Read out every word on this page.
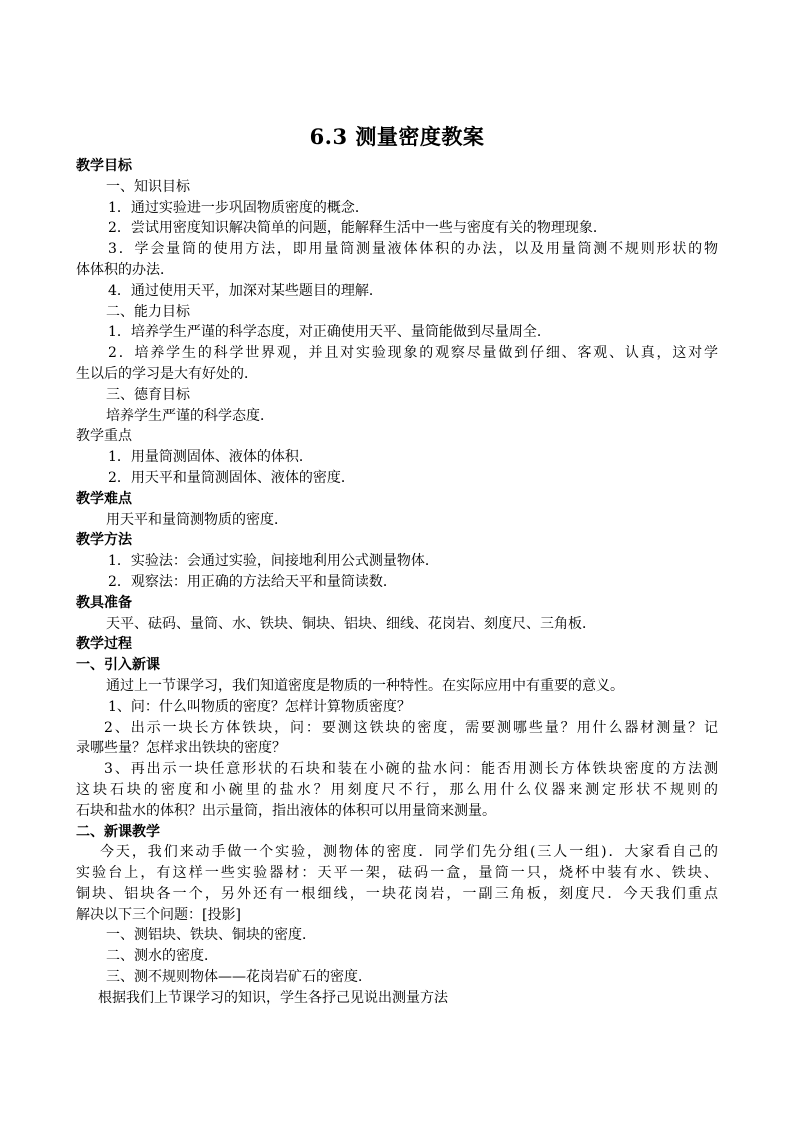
6.3 测量密度教案
教学目标
一、知识目标
1．通过实验进一步巩固物质密度的概念．
2．尝试用密度知识解决简单的问题，能解释生活中一些与密度有关的物理现象．
3．学会量筒的使用方法，即用量筒测量液体体积的办法，以及用量筒测不规则形状的物
体体积的办法．
4．通过使用天平，加深对某些题目的理解．
二、能力目标
1．培养学生严谨的科学态度，对正确使用天平、量筒能做到尽量周全．
2．培养学生的科学世界观，并且对实验现象的观察尽量做到仔细、客观、认真，这对学
生以后的学习是大有好处的．
三、德育目标
培养学生严谨的科学态度．
教学重点
1．用量筒测固体、液体的体积．
2．用天平和量筒测固体、液体的密度．
教学难点
用天平和量筒测物质的密度．
教学方法
1．实验法：会通过实验，间接地利用公式测量物体．
2．观察法：用正确的方法给天平和量筒读数．
教具准备
天平、砝码、量筒、水、铁块、铜块、铝块、细线、花岗岩、刻度尺、三角板．
教学过程
一、引入新课
通过上一节课学习，我们知道密度是物质的一种特性。在实际应用中有重要的意义。
1、问：什么叫物质的密度？怎样计算物质密度？
2、出示一块长方体铁块，问：要测这铁块的密度，需要测哪些量？用什么器材测量？记
录哪些量？怎样求出铁块的密度？
3、再出示一块任意形状的石块和装在小碗的盐水问：能否用测长方体铁块密度的方法测
这块石块的密度和小碗里的盐水？用刻度尺不行，那么用什么仪器来测定形状不规则的
石块和盐水的体积？出示量筒，指出液体的体积可以用量筒来测量。
二、新课教学
今天，我们来动手做一个实验，测物体的密度．同学们先分组(三人一组)．大家看自己的
实验台上，有这样一些实验器材：天平一架，砝码一盒，量筒一只，烧杯中装有水、铁块、
铜块、铝块各一个，另外还有一根细线，一块花岗岩，一副三角板，刻度尺．今天我们重点
解决以下三个问题：[投影]
一、测铝块、铁块、铜块的密度．
二、测水的密度．
三、测不规则物体——花岗岩矿石的密度．
根据我们上节课学习的知识，学生各抒己见说出测量方法
